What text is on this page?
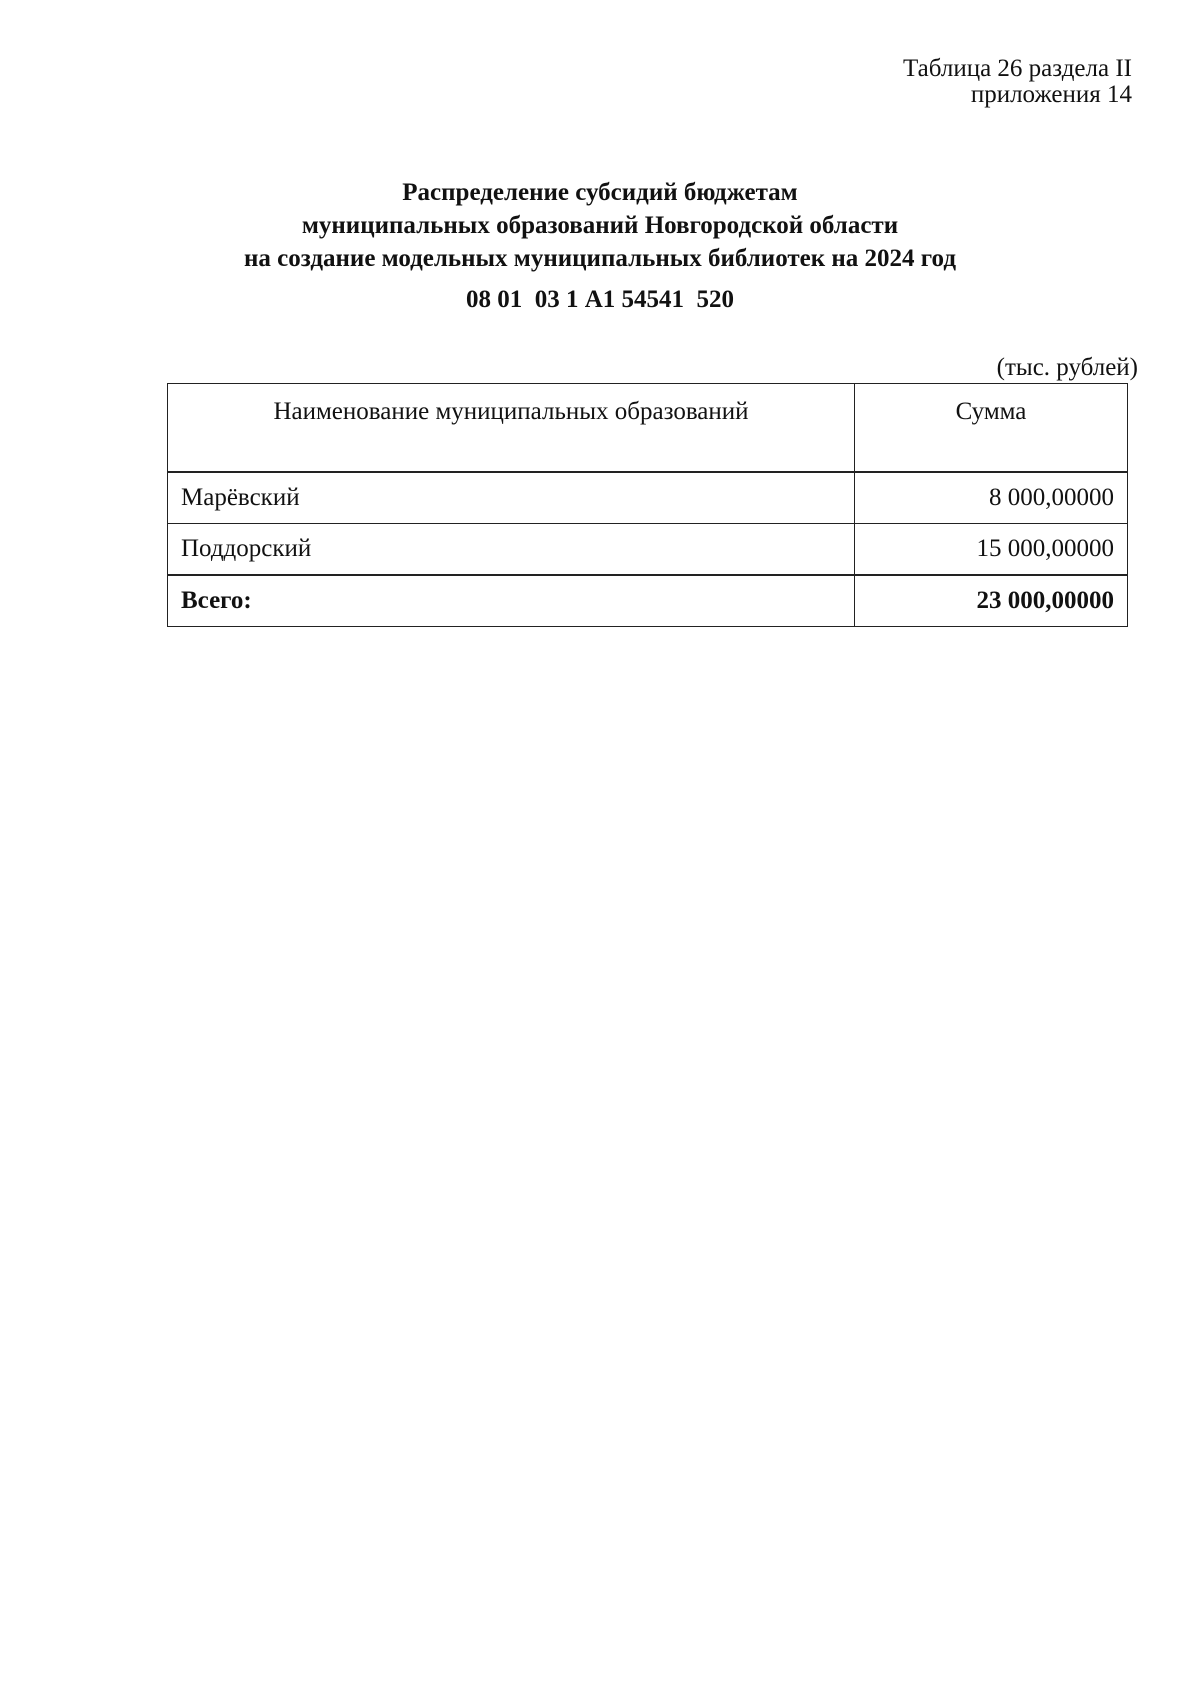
Таблица 26 раздела II
приложения 14
Распределение субсидий бюджетам
муниципальных образований Новгородской области
на создание модельных муниципальных библиотек на 2024 год
08 01  03 1 А1 54541  520
(тыс. рублей)
Наименование муниципальных образований	Сумма
Марёвский	8 000,00000
Поддорский	15 000,00000
Всего:	23 000,00000
